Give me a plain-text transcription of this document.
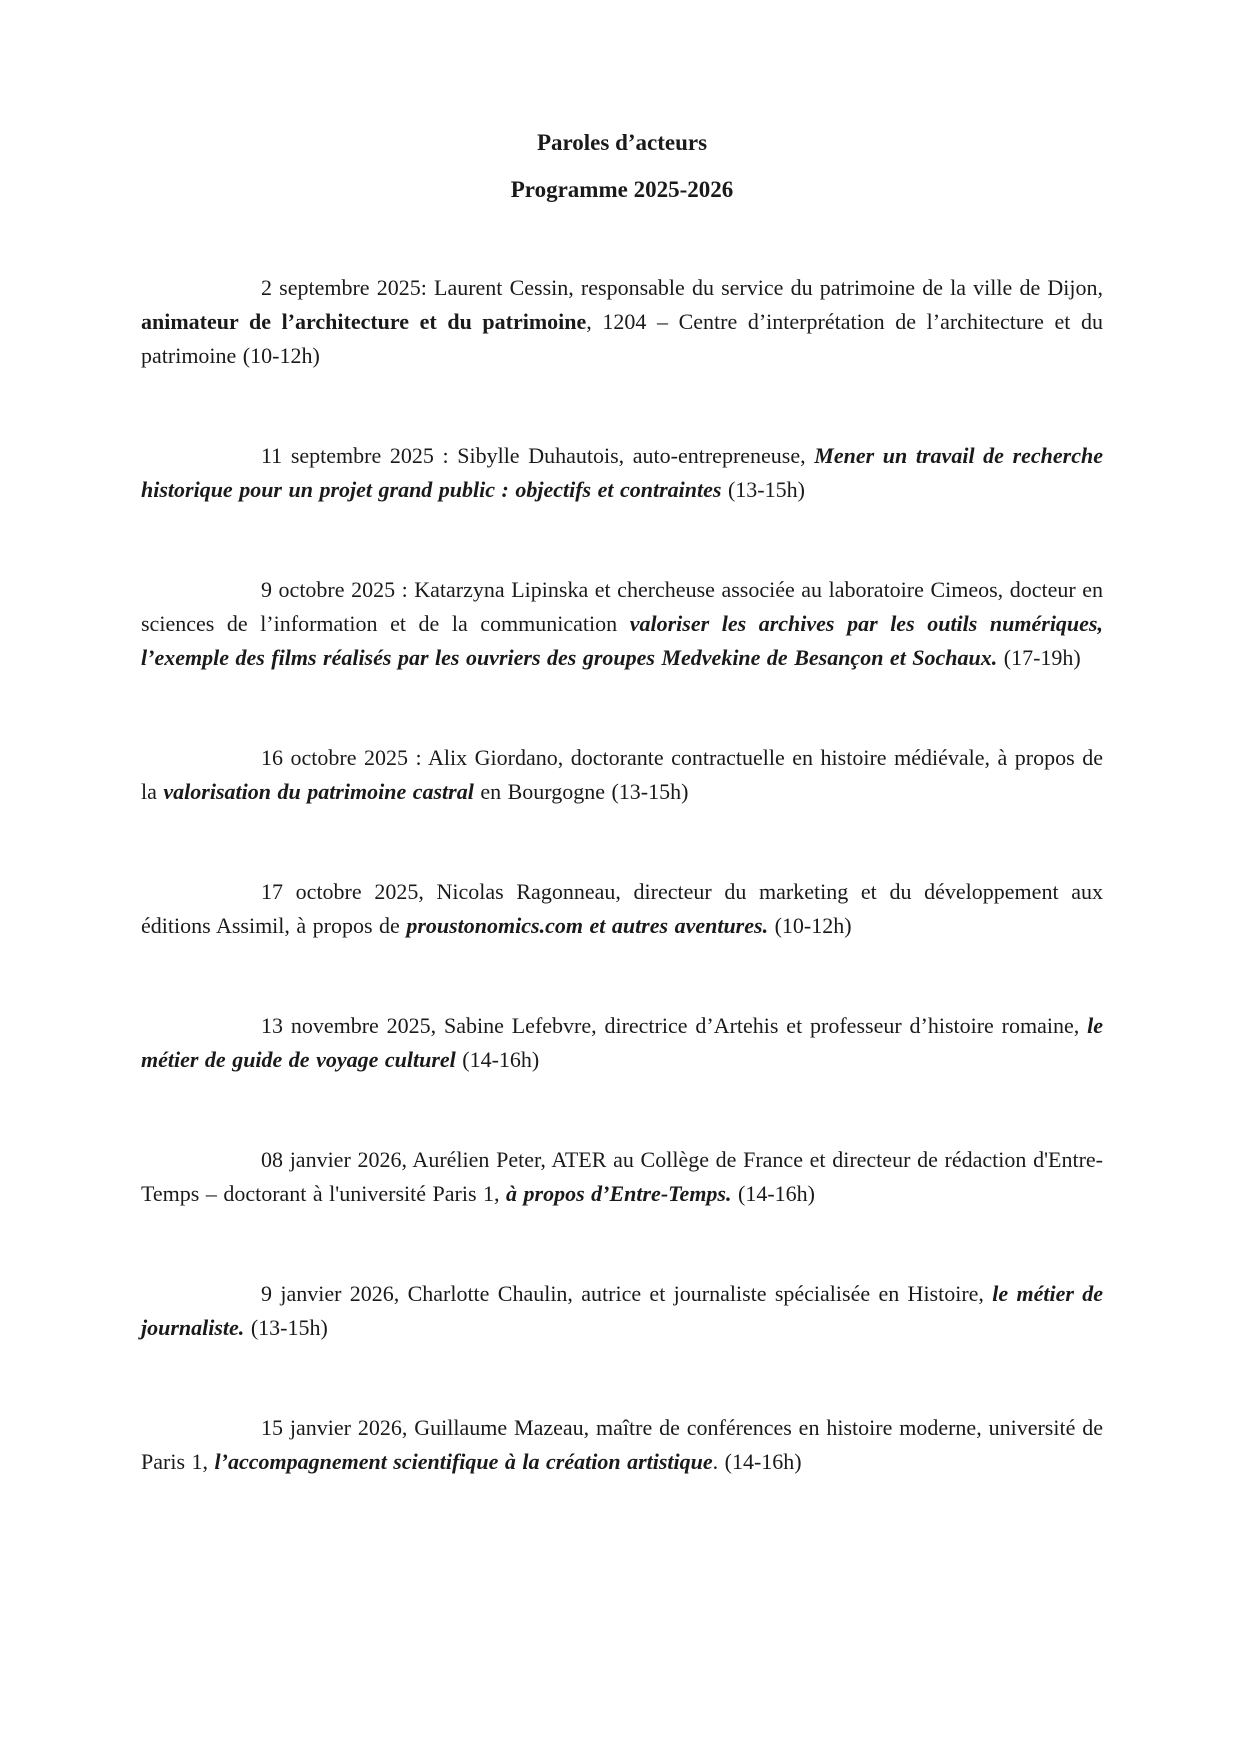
Paroles d’acteurs
Programme 2025-2026

2 septembre 2025: Laurent Cessin, responsable du service du patrimoine de la ville de Dijon, animateur de l’architecture et du patrimoine, 1204 – Centre d’interprétation de l’architecture et du patrimoine (10-12h)

11 septembre 2025 : Sibylle Duhautois, auto-entrepreneuse, Mener un travail de recherche historique pour un projet grand public : objectifs et contraintes (13-15h)

9 octobre 2025 : Katarzyna Lipinska et chercheuse associée au laboratoire Cimeos, docteur en sciences de l’information et de la communication valoriser les archives par les outils numériques, l’exemple des films réalisés par les ouvriers des groupes Medvekine de Besançon et Sochaux. (17-19h)

16 octobre 2025 : Alix Giordano, doctorante contractuelle en histoire médiévale, à propos de la valorisation du patrimoine castral en Bourgogne (13-15h)

17 octobre 2025, Nicolas Ragonneau, directeur du marketing et du développement aux éditions Assimil, à propos de proustonomics.com et autres aventures. (10-12h)

13 novembre 2025, Sabine Lefebvre, directrice d’Artehis et professeur d’histoire romaine, le métier de guide de voyage culturel (14-16h)

08 janvier 2026, Aurélien Peter, ATER au Collège de France et directeur de rédaction d'Entre-Temps – doctorant à l'université Paris 1, à propos d’Entre-Temps. (14-16h)

9 janvier 2026, Charlotte Chaulin, autrice et journaliste spécialisée en Histoire, le métier de journaliste. (13-15h)

15 janvier 2026, Guillaume Mazeau, maître de conférences en histoire moderne, université de Paris 1, l’accompagnement scientifique à la création artistique. (14-16h)
